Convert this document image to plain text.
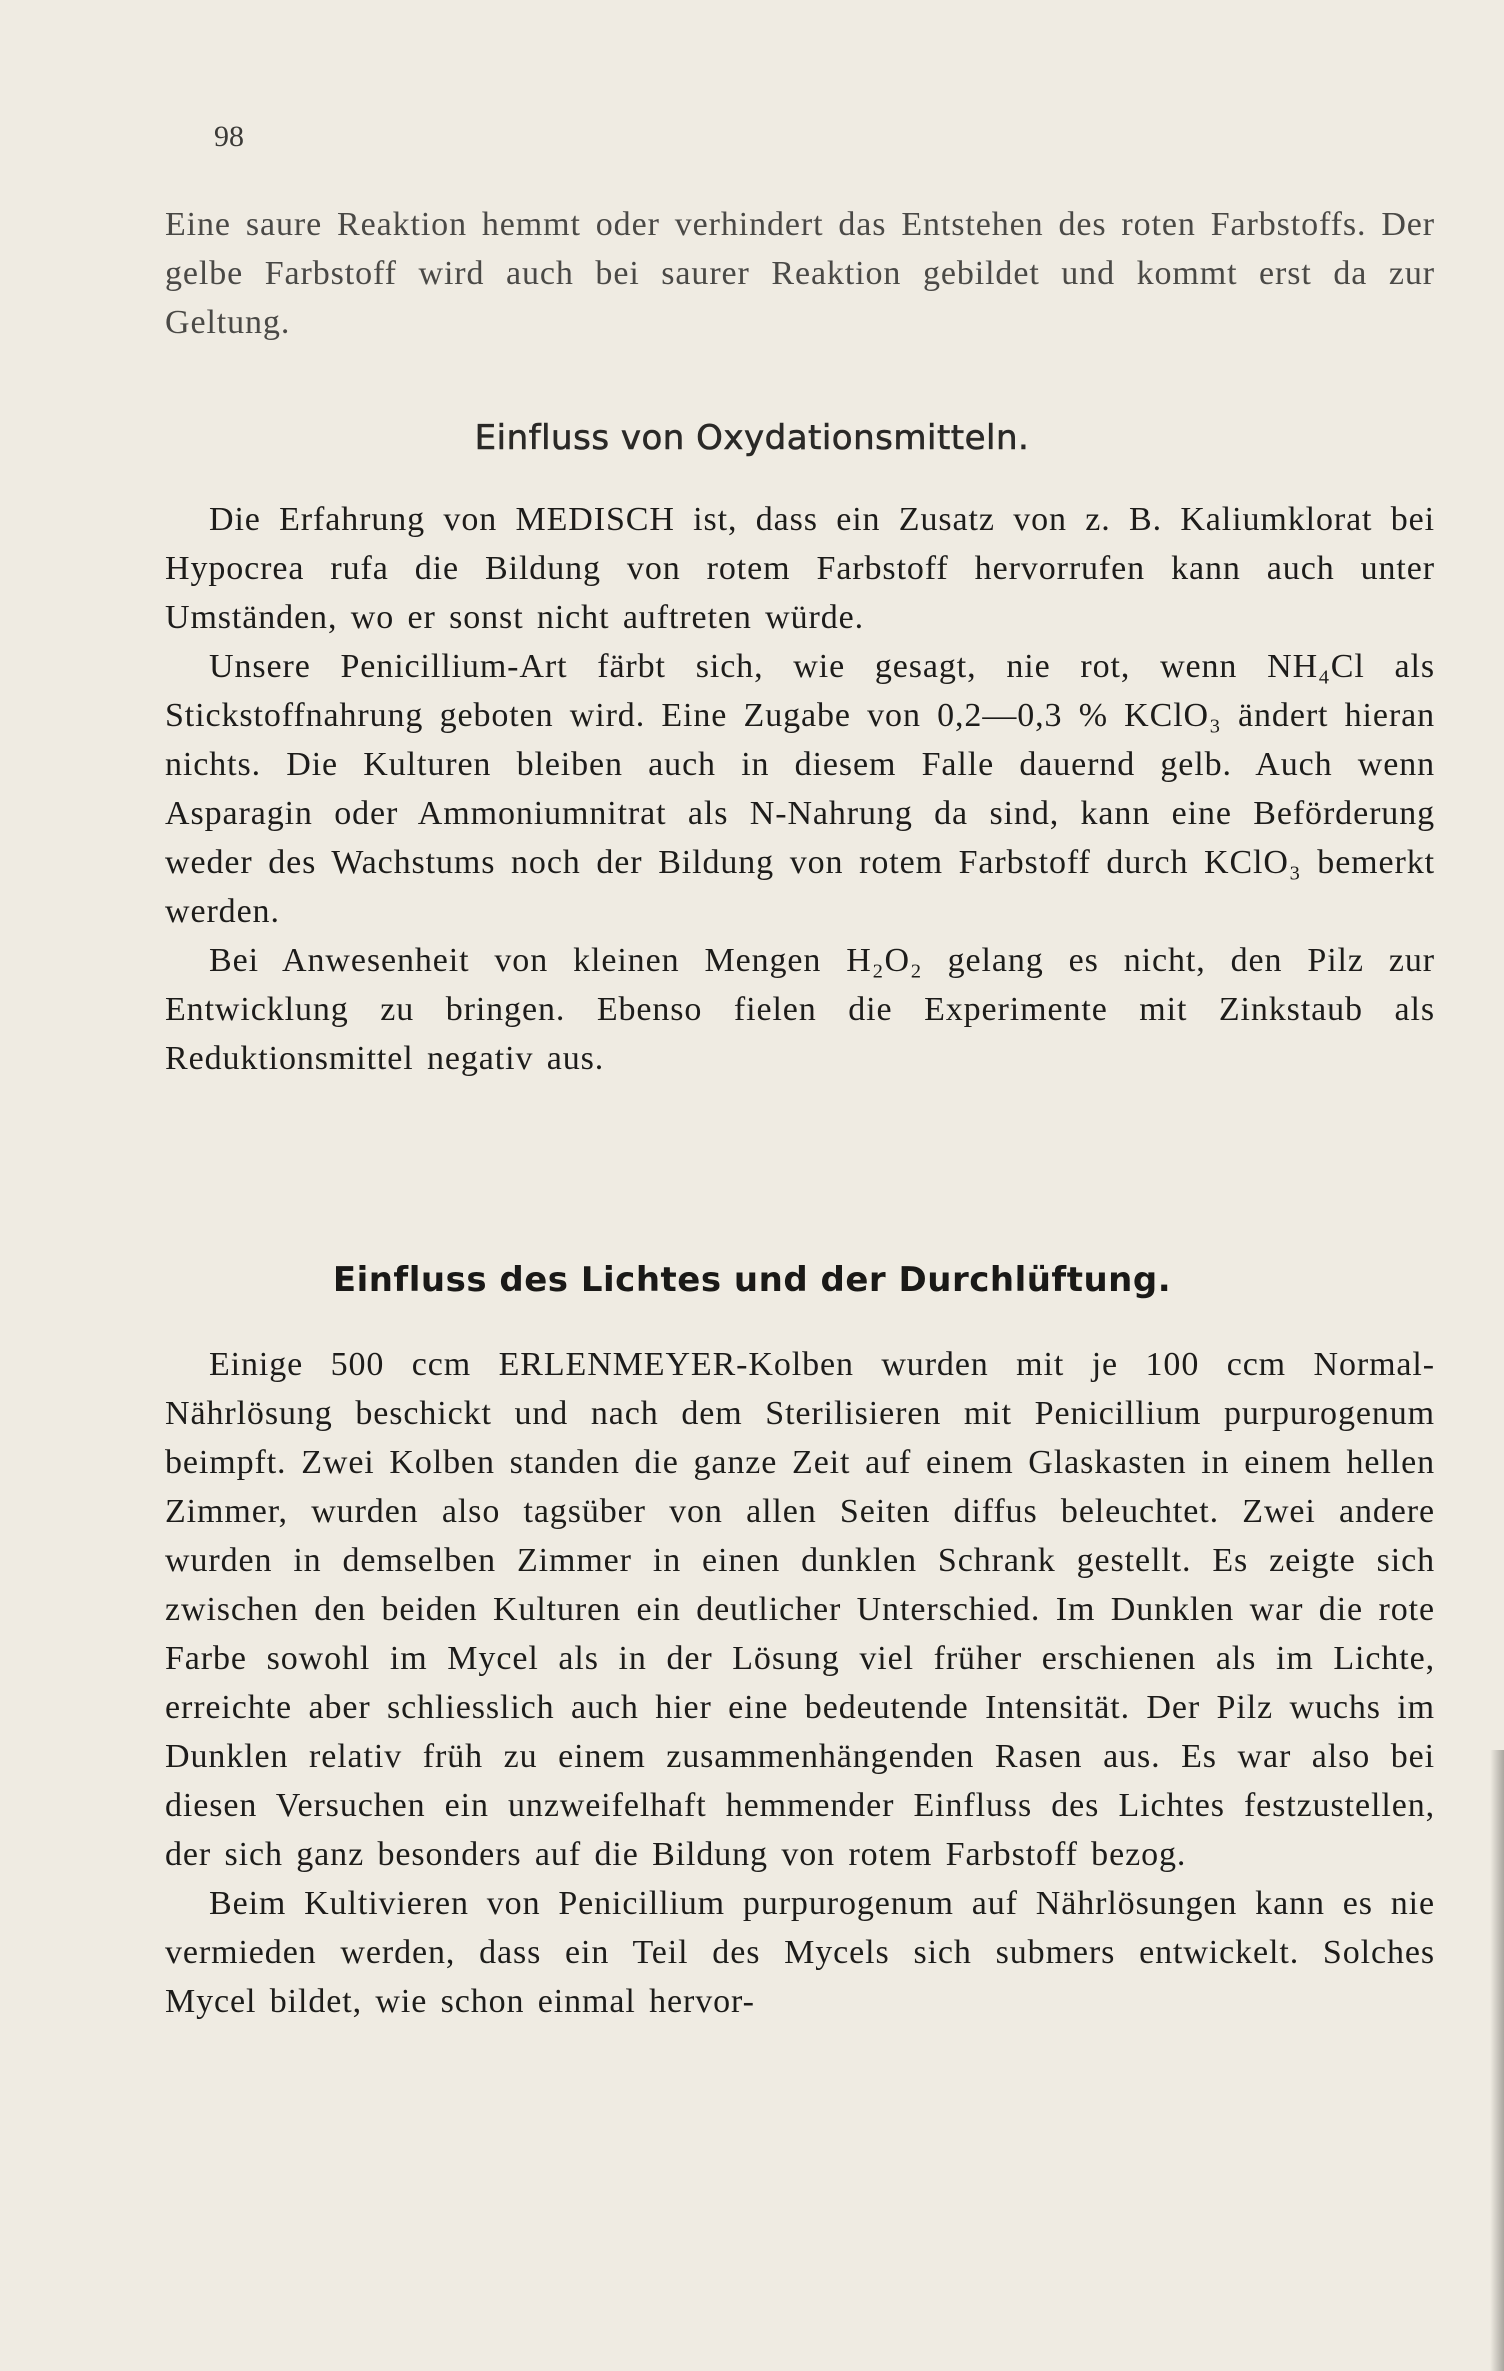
98

Eine saure Reaktion hemmt oder verhindert das Entstehen des roten Farbstoffs. Der gelbe Farbstoff wird auch bei saurer Reaktion gebildet und kommt erst da zur Geltung.

Einfluss von Oxydationsmitteln.

Die Erfahrung von MEDISCH ist, dass ein Zusatz von z. B. Kaliumklorat bei Hypocrea rufa die Bildung von rotem Farbstoff hervorrufen kann auch unter Umständen, wo er sonst nicht auftreten würde.

Unsere Penicillium-Art färbt sich, wie gesagt, nie rot, wenn NH₄Cl als Stickstoffnahrung geboten wird. Eine Zugabe von 0,2—0,3 % KClO₃ ändert hieran nichts. Die Kulturen bleiben auch in diesem Falle dauernd gelb. Auch wenn Asparagin oder Ammoniumnitrat als N-Nahrung da sind, kann eine Beförderung weder des Wachstums noch der Bildung von rotem Farbstoff durch KClO₃ bemerkt werden.

Bei Anwesenheit von kleinen Mengen H₂O₂ gelang es nicht, den Pilz zur Entwicklung zu bringen. Ebenso fielen die Experimente mit Zinkstaub als Reduktionsmittel negativ aus.

Einfluss des Lichtes und der Durchlüftung.

Einige 500 ccm ERLENMEYER-Kolben wurden mit je 100 ccm Normal-Nährlösung beschickt und nach dem Sterilisieren mit Penicillium purpurogenum beimpft. Zwei Kolben standen die ganze Zeit auf einem Glaskasten in einem hellen Zimmer, wurden also tagsüber von allen Seiten diffus beleuchtet. Zwei andere wurden in demselben Zimmer in einen dunklen Schrank gestellt. Es zeigte sich zwischen den beiden Kulturen ein deutlicher Unterschied. Im Dunklen war die rote Farbe sowohl im Mycel als in der Lösung viel früher erschienen als im Lichte, erreichte aber schliesslich auch hier eine bedeutende Intensität. Der Pilz wuchs im Dunklen relativ früh zu einem zusammenhängenden Rasen aus. Es war also bei diesen Versuchen ein unzweifelhaft hemmender Einfluss des Lichtes festzustellen, der sich ganz besonders auf die Bildung von rotem Farbstoff bezog.

Beim Kultivieren von Penicillium purpurogenum auf Nährlösungen kann es nie vermieden werden, dass ein Teil des Mycels sich submers entwickelt. Solches Mycel bildet, wie schon einmal hervor-
